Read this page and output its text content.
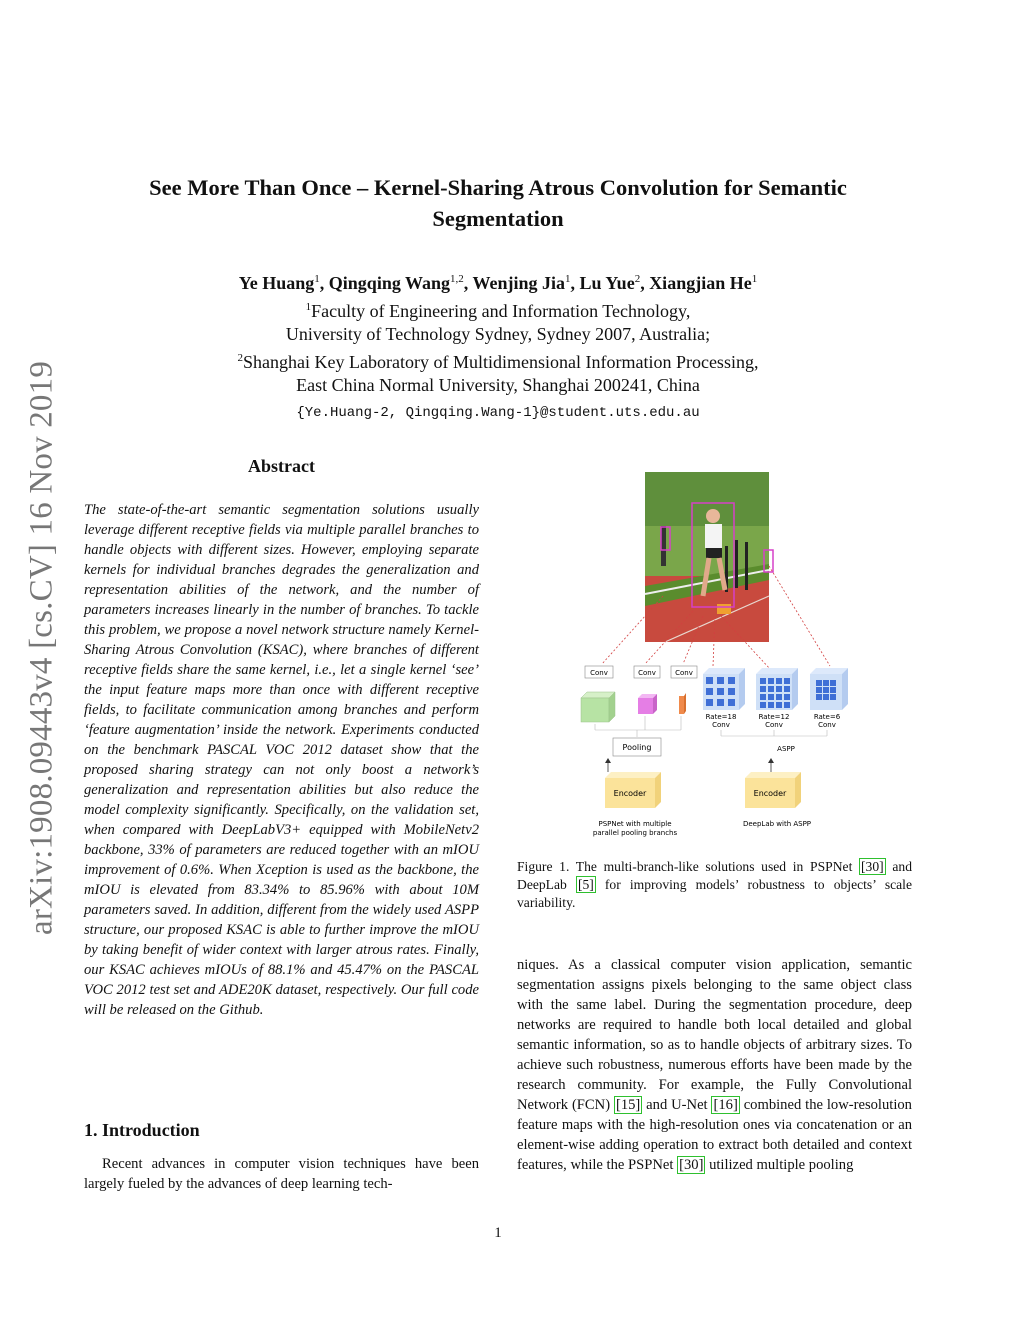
See More Than Once – Kernel-Sharing Atrous Convolution for Semantic
Segmentation
Ye Huang$^1$, Qingqing Wang$^{1,2}$, Wenjing Jia$^1$, Lu Yue$^2$, Xiangjian He$^1$
$^1$Faculty of Engineering and Information Technology,
University of Technology Sydney, Sydney 2007, Australia;
$^2$Shanghai Key Laboratory of Multidimensional Information Processing,
East China Normal University, Shanghai 200241, China
{Ye.Huang-2, Qingqing.Wang-1}@student.uts.edu.au
arXiv:1908.09443v4 [cs.CV] 16 Nov 2019	Abstract
The state-of-the-art semantic segmentation solutions usually leverage different receptive fields via multiple parallel branches to handle objects with different sizes. However, employing separate kernels for individual branches degrades the generalization and representation abilities of the network, and the number of parameters increases linearly in the number of branches. To tackle this problem, we propose a novel network structure namely Kernel-Sharing Atrous Convolution (KSAC), where branches of different receptive fields share the same kernel, i.e., let a single kernel ‘see’ the input feature maps more than once with different receptive fields, to facilitate communication among branches and perform ‘feature augmentation’ inside the network. Experiments conducted on the benchmark PASCAL VOC 2012 dataset show that the proposed sharing strategy can not only boost a network’s generalization and representation abilities but also reduce the model complexity significantly. Specifically, on the validation set, when compared with DeepLabV3+ equipped with MobileNetv2 backbone, 33% of parameters are reduced together with an mIOU improvement of 0.6%. When Xception is used as the backbone, the mIOU is elevated from 83.34% to 85.96% with about 10M parameters saved. In addition, different from the widely used ASPP structure, our proposed KSAC is able to further improve the mIOU by taking benefit of wider context with larger atrous rates. Finally, our KSAC achieves mIOUs of 88.1% and 45.47% on the PASCAL VOC 2012 test set and ADE20K dataset, respectively. Our full code will be released on the Github.
1. Introduction
Recent advances in computer vision techniques have been largely fueled by the advances of deep learning tech-
Conv	Conv	Conv
Pooling
Encoder
PSPNet with multiple
parallel pooling branchs
Rate=18
Conv
Rate=12
Conv
Rate=6
Conv
ASPP
Encoder
DeepLab with ASPP
Figure 1. The multi-branch-like solutions used in PSPNet [30] and DeepLab [5] for improving models’ robustness to objects’ scale variability.
niques. As a classical computer vision application, semantic segmentation assigns pixels belonging to the same object class with the same label. During the segmentation procedure, deep networks are required to handle both local detailed and global semantic information, so as to handle objects of arbitrary sizes. To achieve such robustness, numerous efforts have been made by the research community. For example, the Fully Convolutional Network (FCN) [15] and U-Net [16] combined the low-resolution feature maps with the high-resolution ones via concatenation or an element-wise adding operation to extract both detailed and context features, while the PSPNet [30] utilized multiple pooling
1
